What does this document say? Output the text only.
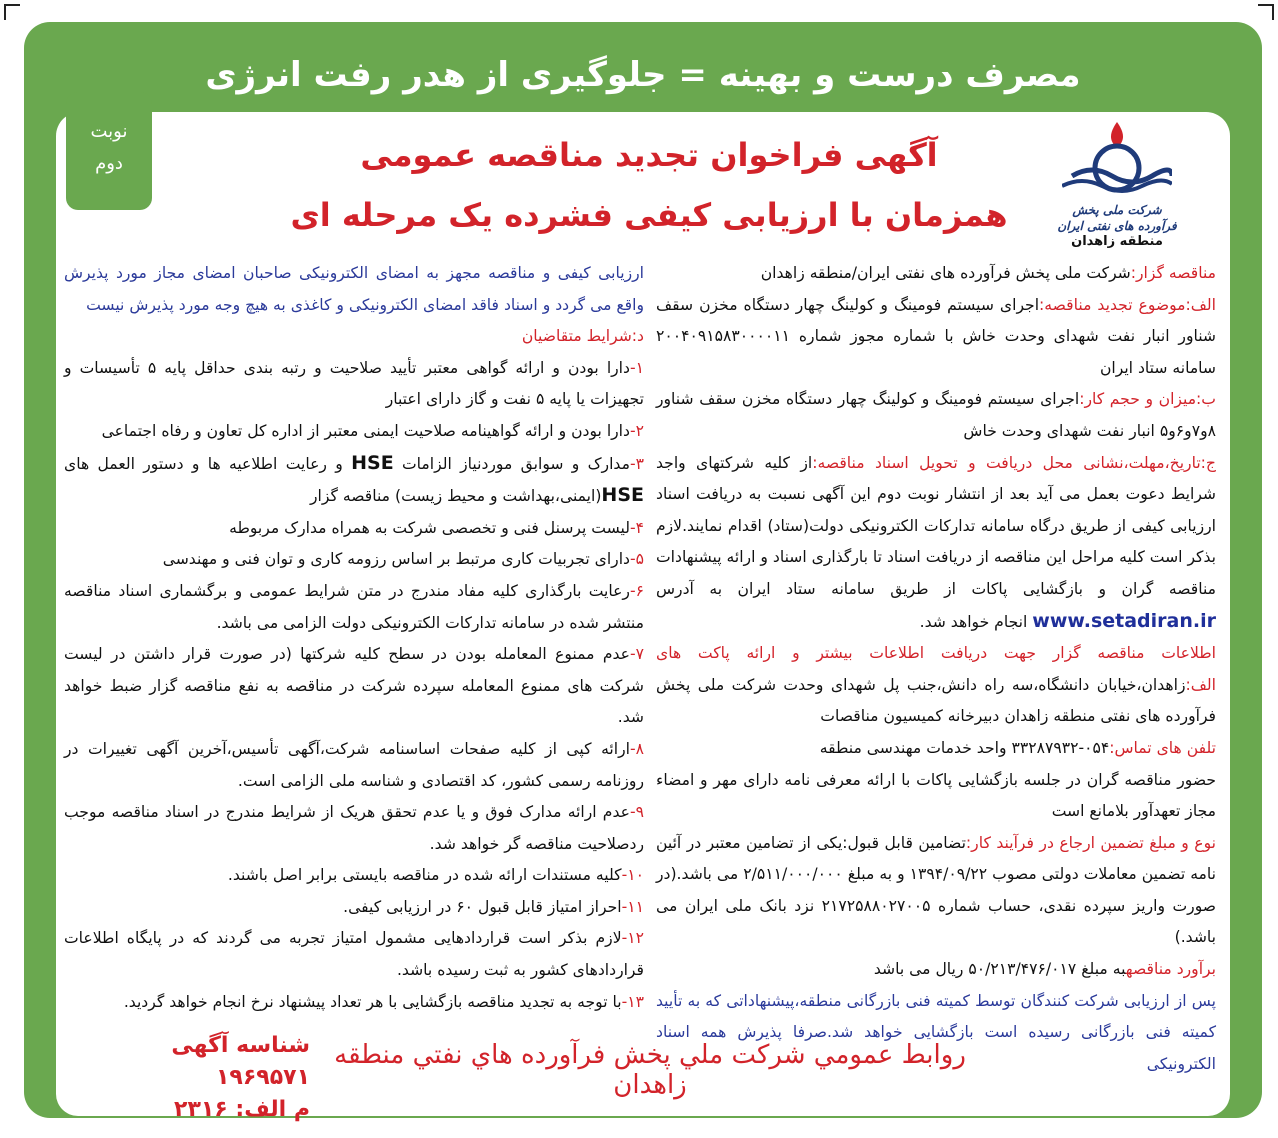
مصرف درست و بهینه = جلوگیری از هدر رفت انرژی
نوبت
دوم
شرکت ملی پخش فرآورده های نفتی ایران
منطقه زاهدان
آگهی فراخوان تجدید مناقصه عمومی
همزمان با ارزیابی کیفی فشرده یک مرحله ای

مناقصه گزار:شرکت ملی پخش فرآورده های نفتی ایران/منطقه زاهدان

الف:موضوع تجدید مناقصه:اجرای سیستم فومینگ و کولینگ چهار دستگاه مخزن سقف شناور انبار نفت شهدای وحدت خاش با شماره مجوز شماره ۲۰۰۴۰۹۱۵۸۳۰۰۰۰۱۱ سامانه ستاد ایران

ب:میزان و حجم کار:اجرای سیستم فومینگ و کولینگ چهار دستگاه مخزن سقف شناور ۸و۷و۶و۵ انبار نفت شهدای وحدت خاش

ج:تاریخ،مهلت،نشانی محل دریافت و تحویل اسناد مناقصه:از کلیه شرکتهای واجد شرایط دعوت بعمل می آید بعد از انتشار نوبت دوم این آگهی نسبت به دریافت اسناد ارزیابی کیفی از طریق درگاه سامانه تدارکات الکترونیکی دولت(ستاد) اقدام نمایند.لازم بذکر است کلیه مراحل این مناقصه از دریافت اسناد تا بارگذاری اسناد و ارائه پیشنهادات مناقصه گران و بازگشایی پاکات از طریق سامانه ستاد ایران به آدرس www.setadiran.ir انجام خواهد شد.

اطلاعات مناقصه گزار جهت دریافت اطلاعات بیشتر و ارائه پاکت های الف:زاهدان،خیابان دانشگاه،سه راه دانش،جنب پل شهدای وحدت شرکت ملی پخش فرآورده های نفتی منطقه زاهدان دبیرخانه کمیسیون مناقصات

تلفن های تماس:۰۵۴-۳۳۲۸۷۹۳۲ واحد خدمات مهندسی منطقه

حضور مناقصه گران در جلسه بازگشایی پاکات با ارائه معرفی نامه دارای مهر و امضاء مجاز تعهدآور بلامانع است

نوع و مبلغ تضمین ارجاع در فرآیند کار:تضامین قابل قبول:یکی از تضامین معتبر در آئین نامه تضمین معاملات دولتی مصوب ۱۳۹۴/۰۹/۲۲ و به مبلغ ۲/۵۱۱/۰۰۰/۰۰۰ می باشد.(در صورت واریز سپرده نقدی، حساب شماره ۲۱۷۲۵۸۸۰۲۷۰۰۵ نزد بانک ملی ایران می باشد.)

برآورد مناقصهبه مبلغ ۵۰/۲۱۳/۴۷۶/۰۱۷ ریال می باشد

پس از ارزیابی شرکت کنندگان توسط کمیته فنی بازرگانی منطقه،پیشنهاداتی که به تأیید کمیته فنی بازرگانی رسیده است بازگشایی خواهد شد.صرفا پذیرش همه اسناد الکترونیکی

ارزیابی کیفی و مناقصه مجهز به امضای الکترونیکی صاحبان امضای مجاز مورد پذیرش واقع می گردد و اسناد فاقد امضای الکترونیکی و کاغذی به هیچ وجه مورد پذیرش نیست

د:شرایط متقاضیان

۱-دارا بودن و ارائه گواهی معتبر تأیید صلاحیت و رتبه بندی حداقل پایه ۵ تأسیسات و تجهیزات یا پایه ۵ نفت و گاز دارای اعتبار

۲-دارا بودن و ارائه گواهینامه صلاحیت ایمنی معتبر از اداره کل تعاون و رفاه اجتماعی

۳-مدارک و سوابق موردنیاز الزامات HSE و رعایت اطلاعیه ها و دستور العمل های HSE(ایمنی،بهداشت و محیط زیست) مناقصه گزار

۴-لیست پرسنل فنی و تخصصی شرکت به همراه مدارک مربوطه

۵-دارای تجربیات کاری مرتبط بر اساس رزومه کاری و توان فنی و مهندسی

۶-رعایت بارگذاری کلیه مفاد مندرج در متن شرایط عمومی و برگشماری اسناد مناقصه منتشر شده در سامانه تدارکات الکترونیکی دولت الزامی می باشد.

۷-عدم ممنوع المعامله بودن در سطح کلیه شرکتها (در صورت قرار داشتن در لیست شرکت های ممنوع المعامله سپرده شرکت در مناقصه به نفع مناقصه گزار ضبط خواهد شد.

۸-ارائه کپی از کلیه صفحات اساسنامه شرکت،آگهی تأسیس،آخرین آگهی تغییرات در روزنامه رسمی کشور، کد اقتصادی و شناسه ملی الزامی است.

۹-عدم ارائه مدارک فوق و یا عدم تحقق هریک از شرایط مندرج در اسناد مناقصه موجب ردصلاحیت مناقصه گر خواهد شد.

۱۰-کلیه مستندات ارائه شده در مناقصه بایستی برابر اصل باشند.

۱۱-احراز امتیاز قابل قبول ۶۰ در ارزیابی کیفی.

۱۲-لازم بذکر است قراردادهایی مشمول امتیاز تجربه می گردند که در پایگاه اطلاعات قراردادهای کشور به ثبت رسیده باشد.

۱۳-با توجه به تجدید مناقصه بازگشایی با هر تعداد پیشنهاد نرخ انجام خواهد گردید.

روابط عمومي شركت ملي پخش فرآورده هاي نفتي منطقه زاهدان
شناسه آگهی ۱۹۶۹۵۷۱
م الف: ۲۳۱۶
